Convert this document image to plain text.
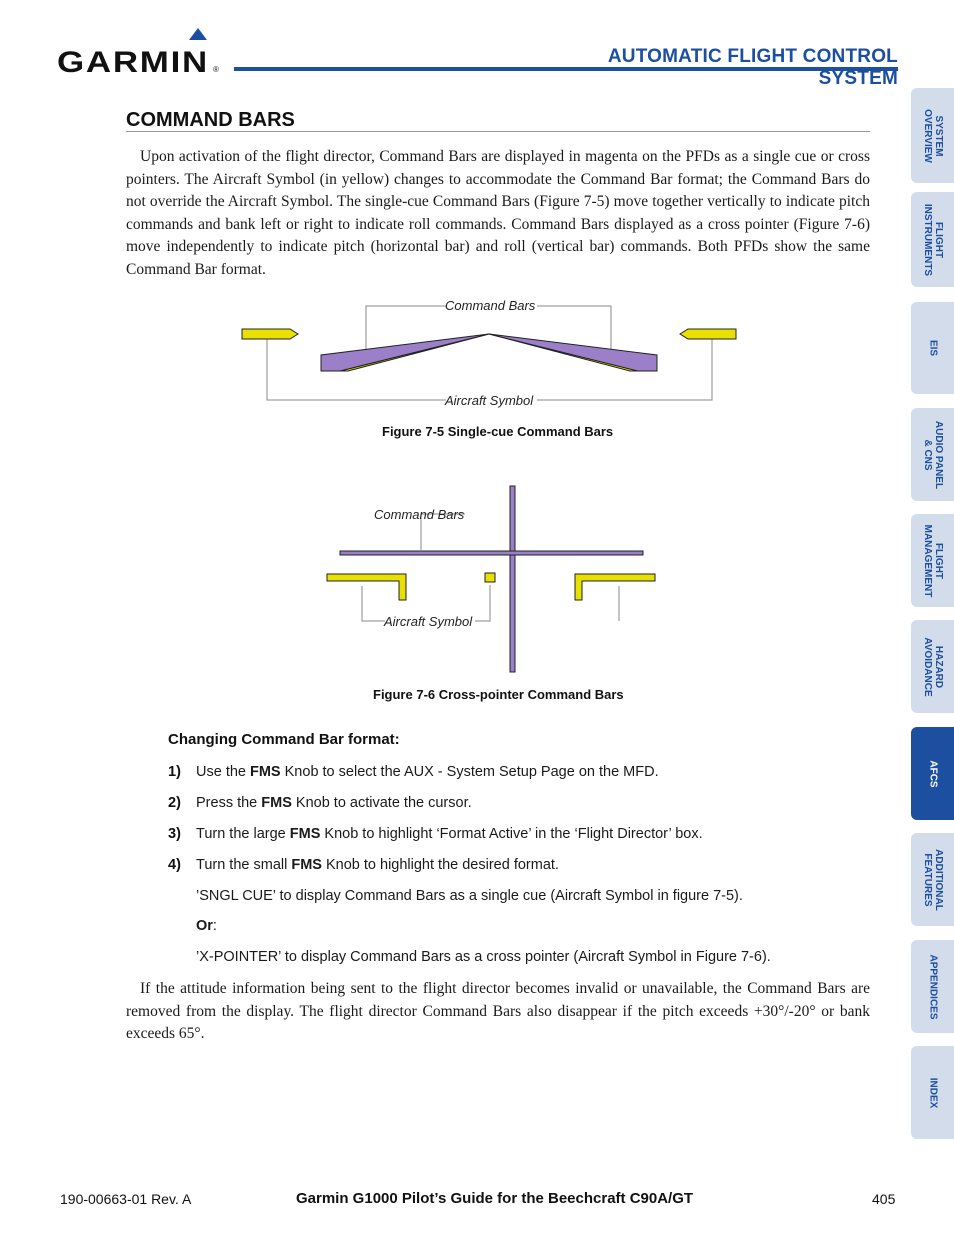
GARMIN ®
AUTOMATIC FLIGHT CONTROL SYSTEM
SYSTEM
OVERVIEW
FLIGHT
INSTRUMENTS
EIS
AUDIO PANEL
& CNS
FLIGHT
MANAGEMENT
HAZARD
AVOIDANCE
AFCS
ADDITIONAL
FEATURES
APPENDICES
INDEX
COMMAND BARS

Upon activation of the flight director, Command Bars are displayed in magenta on the PFDs as a single cue or cross pointers. The Aircraft Symbol (in yellow) changes to accommodate the Command Bar format; the Command Bars do not override the Aircraft Symbol. The single-cue Command Bars (Figure 7-5) move together vertically to indicate pitch commands and bank left or right to indicate roll commands. Command Bars displayed as a cross pointer (Figure 7-6) move independently to indicate pitch (horizontal bar) and roll (vertical bar) commands. Both PFDs show the same Command Bar format.

Command Bars
Aircraft Symbol
Figure 7-5 Single-cue Command Bars
Command Bars
Aircraft Symbol
Figure 7-6 Cross-pointer Command Bars
Changing Command Bar format:
1) Use the FMS Knob to select the AUX - System Setup Page on the MFD.
2) Press the FMS Knob to activate the cursor.
3) Turn the large FMS Knob to highlight ‘Format Active’ in the ‘Flight Director’ box.
4) Turn the small FMS Knob to highlight the desired format.
’SNGL CUE’ to display Command Bars as a single cue (Aircraft Symbol in figure 7-5).
Or:
’X-POINTER’ to display Command Bars as a cross pointer (Aircraft Symbol in Figure 7-6).

If the attitude information being sent to the flight director becomes invalid or unavailable, the Command Bars are removed from the display. The flight director Command Bars also disappear if the pitch exceeds +30°/-20° or bank exceeds 65°.

190-00663-01 Rev. A	Garmin G1000 Pilot’s Guide for the Beechcraft C90A/GT	405
